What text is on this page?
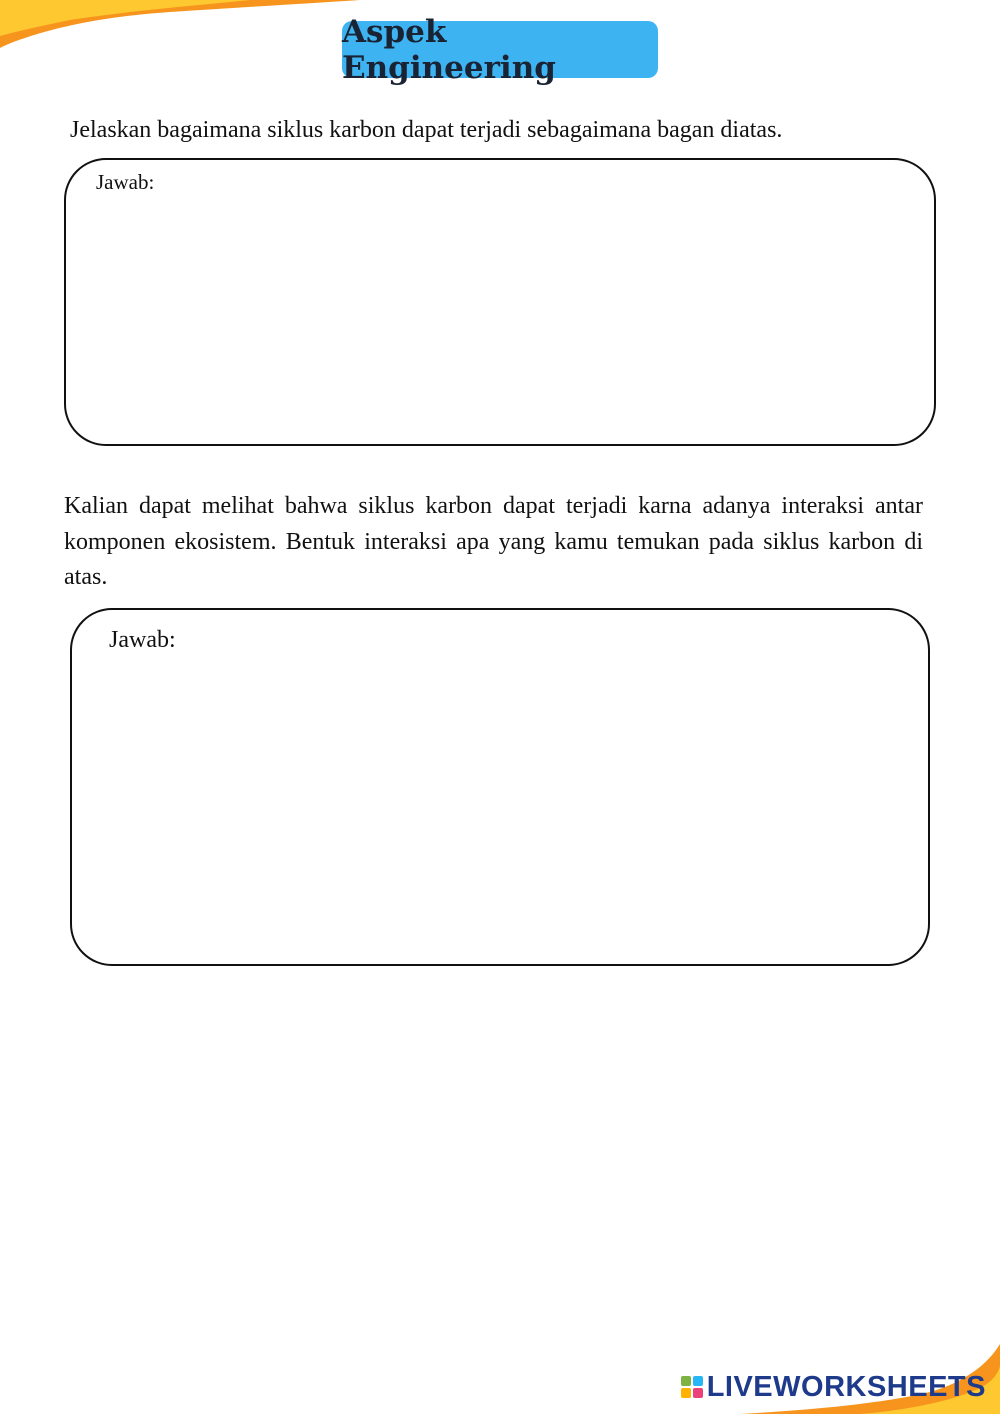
Aspek Engineering
Jelaskan bagaimana siklus karbon dapat terjadi sebagaimana bagan diatas.
Jawab:
Kalian dapat melihat bahwa siklus karbon dapat terjadi karna adanya interaksi antar komponen ekosistem. Bentuk interaksi apa yang kamu temukan pada siklus karbon di atas.
Jawab:
LIVEWORKSHEETS
